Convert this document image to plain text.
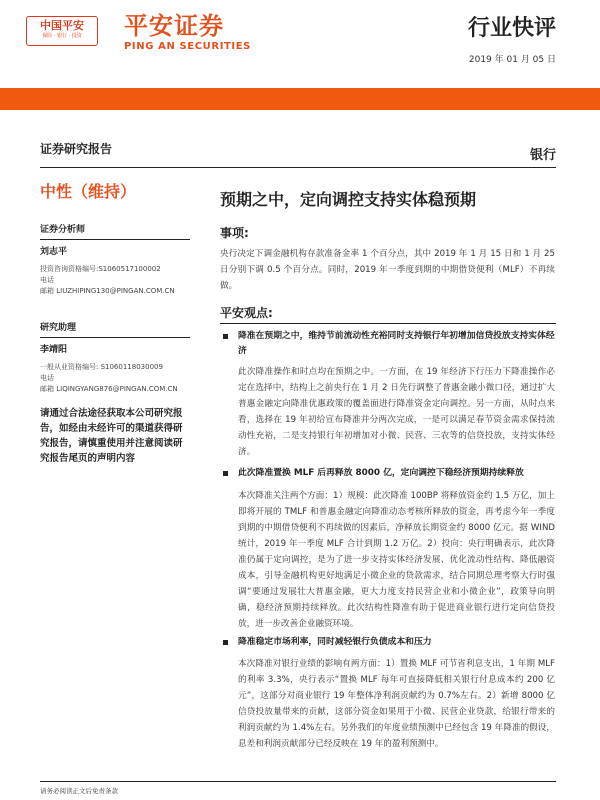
中国平安
保险 · 银行 · 投资	平安证券
PING AN SECURITIES
行业快评
2019 年 01 月 05 日
证券研究报告	银行
中性（维持）	预期之中，定向调控支持实体稳预期
证券分析师
刘志平
投资咨询资格编号:S1060517100002
电话
邮箱 LIUZHIPING130@PINGAN.COM.CN
研究助理
李靖阳
一般从业资格编号: S1060118030009
电话
邮箱 LIQINGYANG876@PINGAN.COM.CN
请通过合法途径获取本公司研究报告，如经由未经许可的渠道获得研究报告，请慎重使用并注意阅读研究报告尾页的声明内容
事项:
央行决定下调金融机构存款准备金率 1 个百分点，其中 2019 年 1 月 15 日和 1 月 25 日分别下调 0.5 个百分点。同时，2019 年一季度到期的中期借贷便利（MLF）不再续做。
平安观点:
降准在预期之中，维持节前流动性充裕同时支持银行年初增加信贷投放支持实体经济
此次降准操作和时点均在预期之中。一方面，在 19 年经济下行压力下降准操作必定在选择中，结构上之前央行在 1 月 2 日先行调整了普惠金融小微口径，通过扩大普惠金融定向降准优惠政策的覆盖面进行降准资金定向调控。另一方面，从时点来看，选择在 19 年初给宣布降准并分两次完成，一是可以满足春节资金需求保持流动性充裕，二是支持银行年初增加对小微、民营、三农等的信贷投放，支持实体经济。
此次降准置换 MLF 后再释放 8000 亿，定向调控下稳经济预期持续释放
本次降准关注两个方面：1）规模：此次降准 100BP 将释放资金约 1.5 万亿，加上即将开展的 TMLF 和普惠金融定向降准动态考核所释放的资金，再考虑今年一季度到期的中期借贷便利不再续做的因素后，净释放长期资金约 8000 亿元。据 WIND 统计，2019 年一季度 MLF 合计到期 1.2 万亿。2）投向：央行明确表示，此次降准仍属于定向调控，是为了进一步支持实体经济发展、优化流动性结构、降低融资成本，引导金融机构更好地满足小微企业的贷款需求，结合同期总理考察大行时强调“要通过发展壮大普惠金融，更大力度支持民营企业和小微企业”，政策导向明确，稳经济预期持续释放。此次结构性降准有助于促进商业银行进行定向信贷投放，进一步改善企业融资环境。
降准稳定市场利率，同时减轻银行负债成本和压力
本次降准对银行业绩的影响有两方面：1）置换 MLF 可节省利息支出，1 年期 MLF 的利率 3.3%，央行表示“置换 MLF 每年可直接降低相关银行付息成本约 200 亿元”，这部分对商业银行 19 年整体净利润贡献约为 0.7%左右。2）新增 8000 亿信贷投放量带来的贡献，这部分资金如果用于小微、民营企业贷款，给银行带来的利润贡献约为 1.4%左右。另外我们的年度业绩预测中已经包含 19 年降准的假设，息差和利润贡献部分已经反映在 19 年的盈利预测中。
请务必阅读正文后免责条款
